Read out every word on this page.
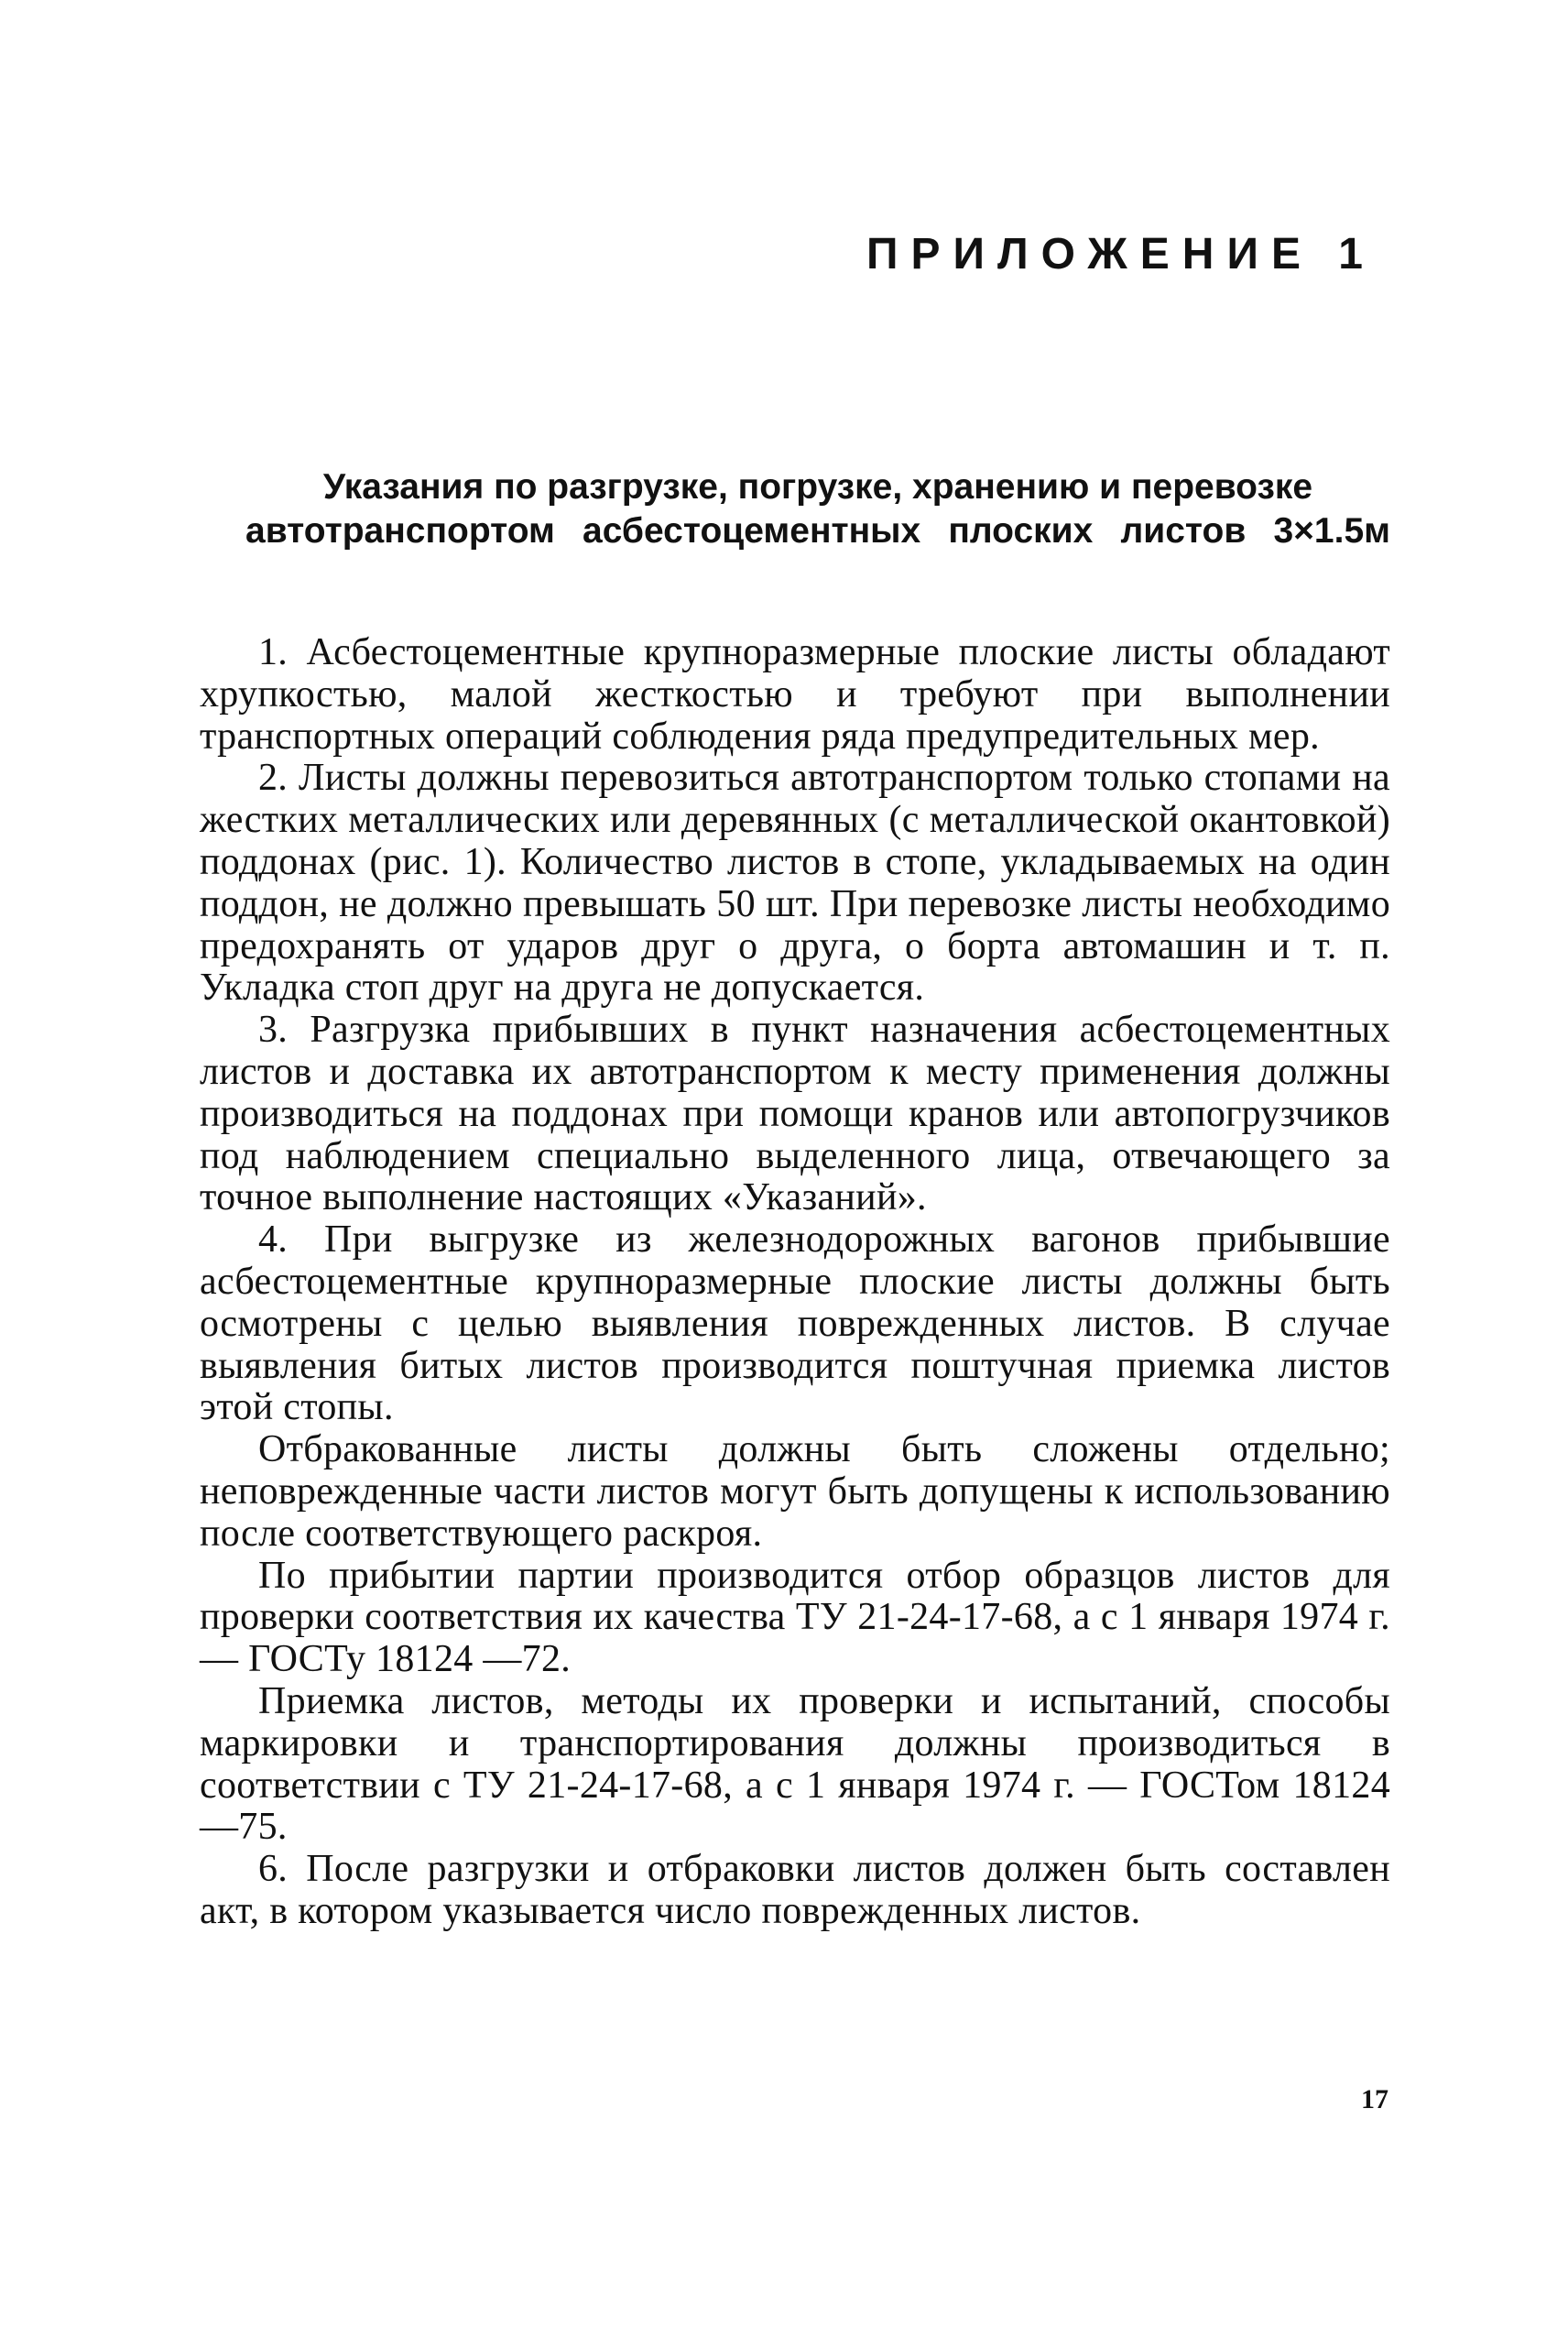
ПРИЛОЖЕНИЕ 1
Указания по разгрузке, погрузке, хранению и перевозке
автотранспортом асбестоцементных плоских листов 3×1.5м

1. Асбестоцементные крупноразмерные плоские листы обладают хрупкостью, малой жесткостью и требуют при выполнении транспортных операций соблюдения ряда предупредительных мер.

2. Листы должны перевозиться автотранспортом только стопами на жестких металлических или деревянных (с металлической окантовкой) поддонах (рис. 1). Количество листов в стопе, укладываемых на один поддон, не должно превышать 50 шт. При перевозке листы необходимо предохранять от ударов друг о друга, о борта автомашин и т. п. Укладка стоп друг на друга не допускается.

3. Разгрузка прибывших в пункт назначения асбестоцементных листов и доставка их автотранспортом к месту применения должны производиться на поддонах при помощи кранов или автопогрузчиков под наблюдением специально выделенного лица, отвечающего за точное выполнение настоящих «Указаний».

4. При выгрузке из железнодорожных вагонов прибывшие асбестоцементные крупноразмерные плоские листы должны быть осмотрены с целью выявления поврежденных листов. В случае выявления битых листов производится поштучная приемка листов этой стопы.

Отбракованные листы должны быть сложены отдельно; неповрежденные части листов могут быть допущены к использованию после соответствующего раскроя.

По прибытии партии производится отбор образцов листов для проверки соответствия их качества ТУ 21-24-17-68, а с 1 января 1974 г. — ГОСТу 18124 —72.

Приемка листов, методы их проверки и испытаний, способы маркировки и транспортирования должны производиться в соответствии с ТУ 21-24-17-68, а с 1 января 1974 г. — ГОСТом 18124—75.

6. После разгрузки и отбраковки листов должен быть составлен акт, в котором указывается число поврежденных листов.

17
